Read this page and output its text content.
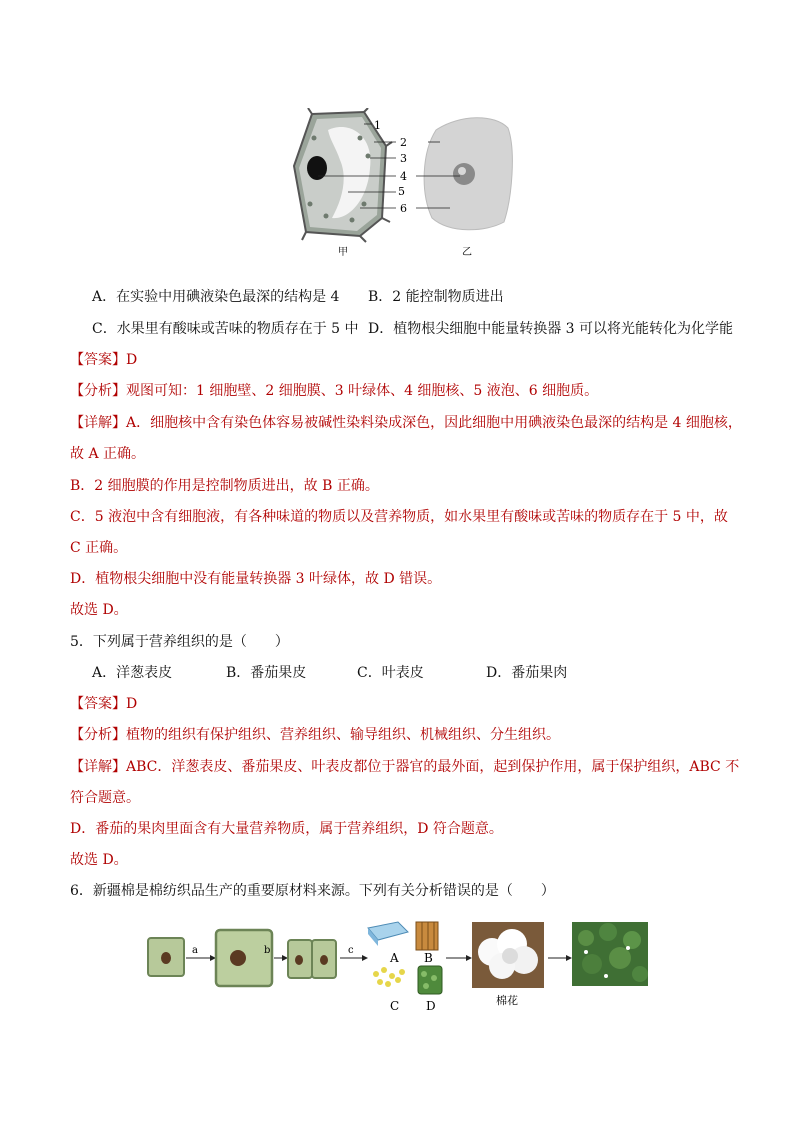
1
2
3
4
5
6
甲	乙
A．在实验中用碘液染色最深的结构是 4 B．2 能控制物质进出
C．水果里有酸味或苦味的物质存在于 5 中 D．植物根尖细胞中能量转换器 3 可以将光能转化为化学能
【答案】D
【分析】观图可知：1 细胞壁、2 细胞膜、3 叶绿体、4 细胞核、5 液泡、6 细胞质。
【详解】A．细胞核中含有染色体容易被碱性染料染成深色，因此细胞中用碘液染色最深的结构是 4 细胞核，
故 A 正确。
B．2 细胞膜的作用是控制物质进出，故 B 正确。
C．5 液泡中含有细胞液，有各种味道的物质以及营养物质，如水果里有酸味或苦味的物质存在于 5 中，故
C 正确。
D．植物根尖细胞中没有能量转换器 3 叶绿体，故 D 错误。
故选 D。
5．下列属于营养组织的是（　　）
A．洋葱表皮	B．番茄果皮	C．叶表皮	D．番茄果肉
【答案】D
【分析】植物的组织有保护组织、营养组织、输导组织、机械组织、分生组织。
【详解】ABC．洋葱表皮、番茄果皮、叶表皮都位于器官的最外面，起到保护作用，属于保护组织，ABC 不
符合题意。
D．番茄的果肉里面含有大量营养物质，属于营养组织，D 符合题意。
故选 D。
6．新疆棉是棉纺织品生产的重要原材料来源。下列有关分析错误的是（　　）
a	b	c
A B
C D	棉花
